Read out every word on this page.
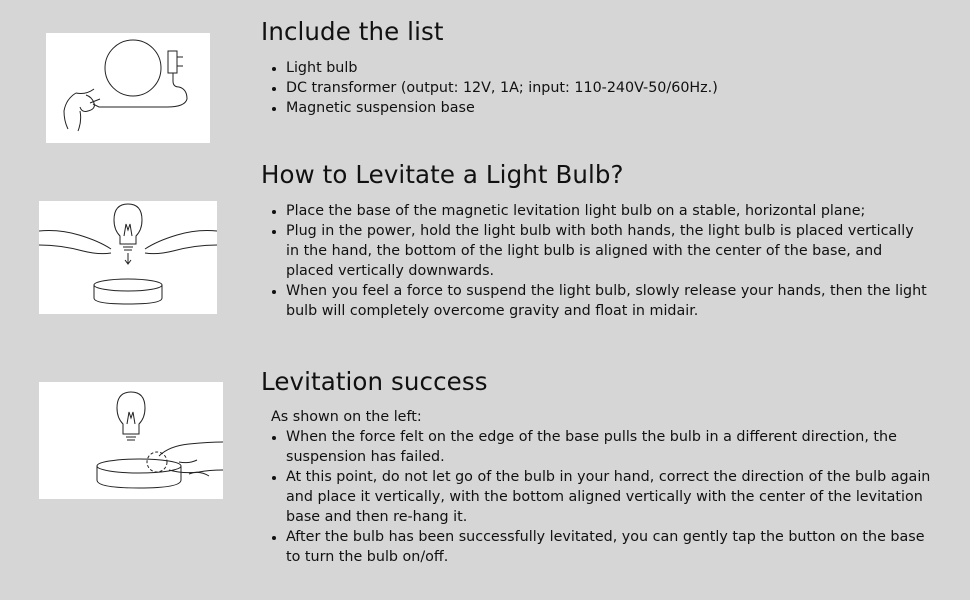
Include the list
• Light bulb
• DC transformer (output: 12V, 1A; input: 110-240V-50/60Hz.)
• Magnetic suspension base
How to Levitate a Light Bulb?
• Place the base of the magnetic levitation light bulb on a stable, horizontal plane;
• Plug in the power, hold the light bulb with both hands, the light bulb is placed vertically in the hand, the bottom of the light bulb is aligned with the center of the base, and placed vertically downwards.
• When you feel a force to suspend the light bulb, slowly release your hands, then the light bulb will completely overcome gravity and float in midair.
Levitation success

As shown on the left:

• When the force felt on the edge of the base pulls the bulb in a different direction, the suspension has failed.
• At this point, do not let go of the bulb in your hand, correct the direction of the bulb again and place it vertically, with the bottom aligned vertically with the center of the levitation base and then re-hang it.
• After the bulb has been successfully levitated, you can gently tap the button on the base to turn the bulb on/off.
